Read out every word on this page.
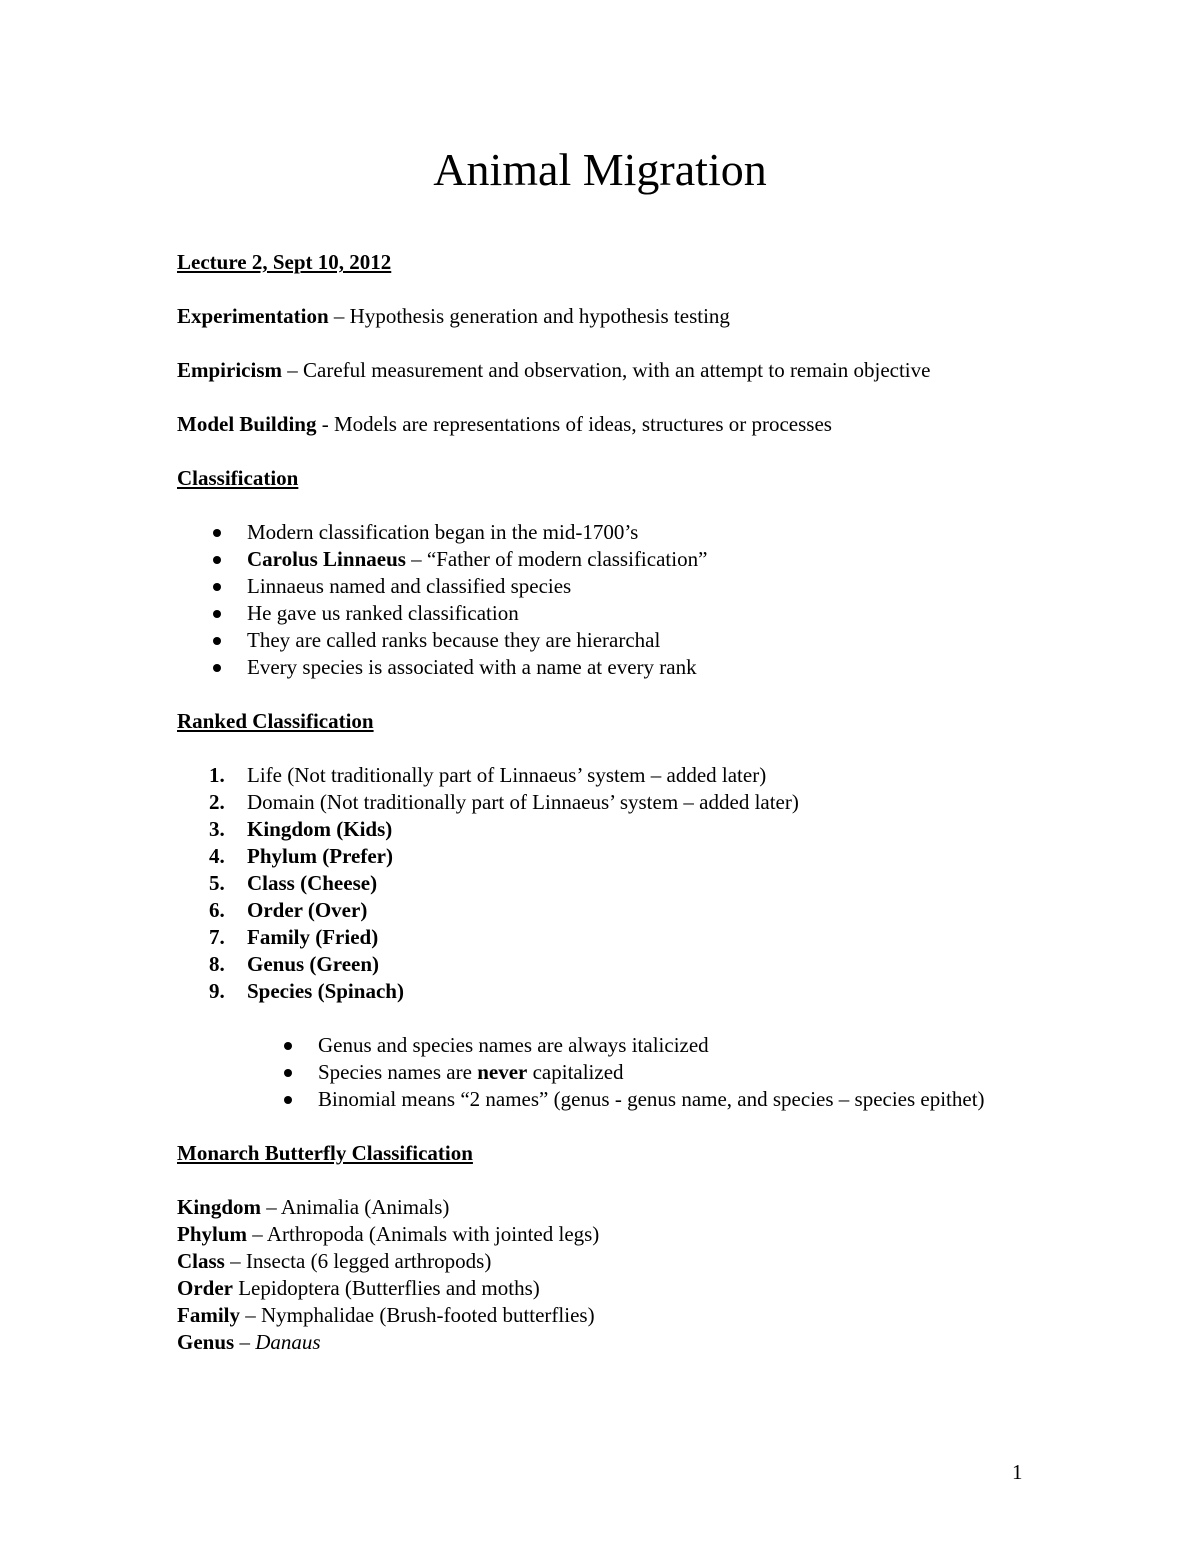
Animal Migration

Lecture 2, Sept 10, 2012

Experimentation – Hypothesis generation and hypothesis testing

Empiricism – Careful measurement and observation, with an attempt to remain objective

Model Building - Models are representations of ideas, structures or processes

Classification

Modern classification began in the mid-1700’s
Carolus Linnaeus – “Father of modern classification”
Linnaeus named and classified species
He gave us ranked classification
They are called ranks because they are hierarchal
Every species is associated with a name at every rank

Ranked Classification

1. Life (Not traditionally part of Linnaeus’ system – added later)
2. Domain (Not traditionally part of Linnaeus’ system – added later)
3. Kingdom (Kids)
4. Phylum (Prefer)
5. Class (Cheese)
6. Order (Over)
7. Family (Fried)
8. Genus (Green)
9. Species (Spinach)
Genus and species names are always italicized
Species names are never capitalized
Binomial means “2 names” (genus - genus name, and species – species epithet)

Monarch Butterfly Classification

Kingdom – Animalia (Animals)

Phylum – Arthropoda (Animals with jointed legs)

Class – Insecta (6 legged arthropods)

Order Lepidoptera (Butterflies and moths)

Family – Nymphalidae (Brush-footed butterflies)

Genus – Danaus

1
